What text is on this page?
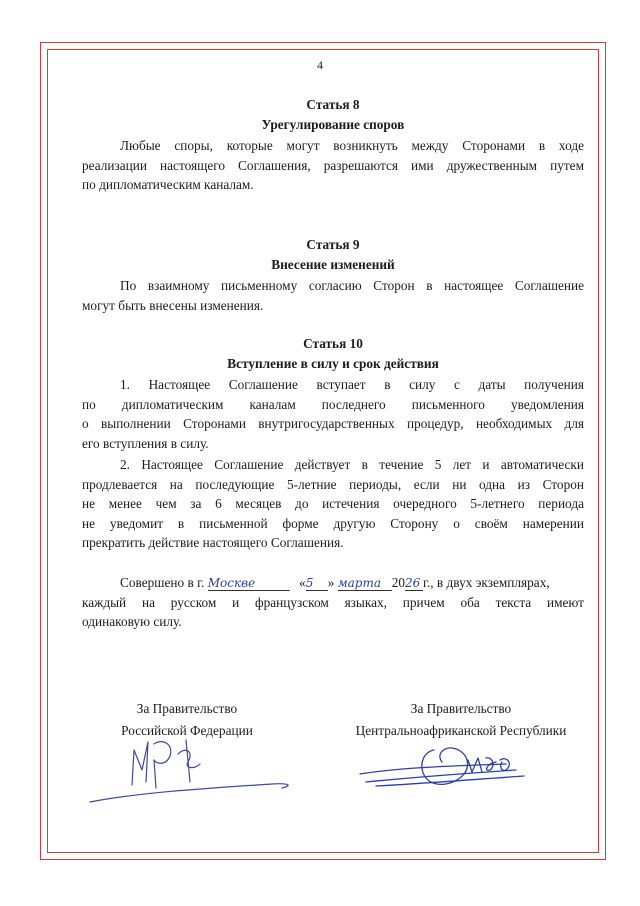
4
Статья 8
Урегулирование споров
Любые споры, которые могут возникнуть между Сторонами в ходе
реализации настоящего Соглашения, разрешаются ими дружественным путем
по дипломатическим каналам.
Статья 9
Внесение изменений
По взаимному письменному согласию Сторон в настоящее Соглашение
могут быть внесены изменения.
Статья 10
Вступление в силу и срок действия
1. Настоящее Соглашение вступает в силу с даты получения
по дипломатическим каналам последнего письменного уведомления
о выполнении Сторонами внутригосударственных процедур, необходимых для
его вступления в силу.
2. Настоящее Соглашение действует в течение 5 лет и автоматически
продлевается на последующие 5-летние периоды, если ни одна из Сторон
не менее чем за 6 месяцев до истечения очередного 5-летнего периода
не уведомит в письменной форме другую Сторону о своём намерении
прекратить действие настоящего Соглашения.
Совершено в г. Москве	«5 » марта 2026 г., в двух экземплярах,
каждый на русском и французском языках, причем оба текста имеют
одинаковую силу.
За Правительство
Российской Федерации
За Правительство
Центральноафриканской Республики
